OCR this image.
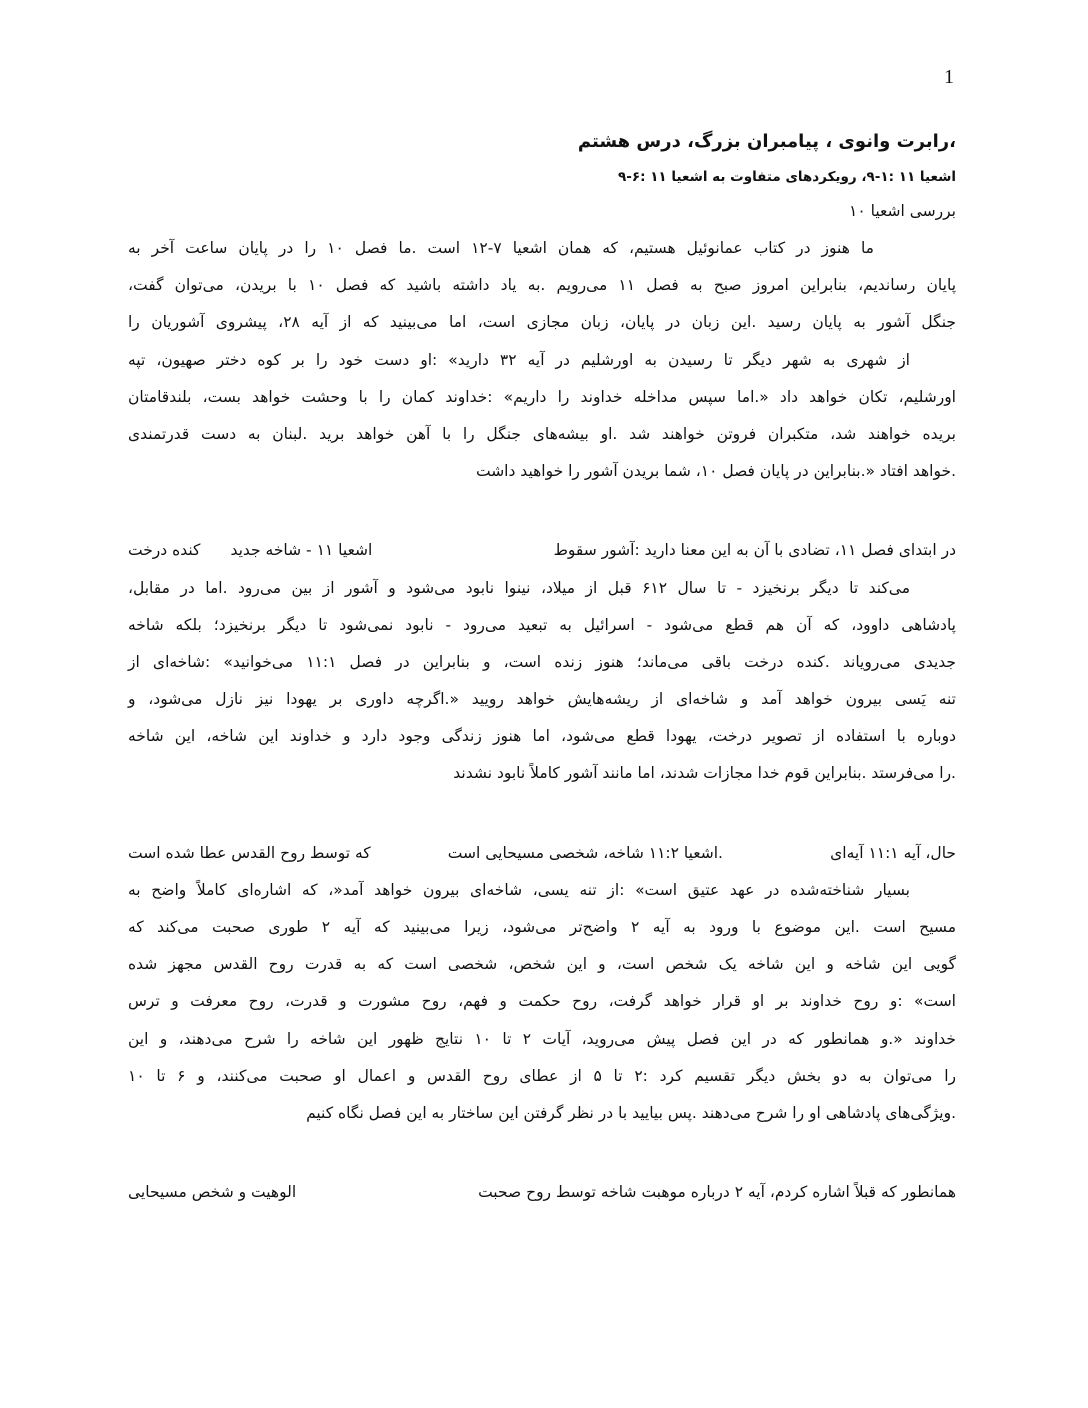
1

،رابرت وانوی ، پیامبران بزرگ، درس هشتم

اشعیا ۱۱ :۱-۹، رویکردهای متفاوت به اشعیا ۱۱ :۶-۹

بررسی اشعیا ۱۰

ما هنوز در کتاب عمانوئیل هستیم، که همان اشعیا ۷-۱۲ است .ما فصل ۱۰ را در پایان ساعت آخر به
پایان رساندیم، بنابراین امروز صبح به فصل ۱۱ می‌رویم .به یاد داشته باشید که فصل ۱۰ با بریدن، می‌توان گفت،
جنگل آشور به پایان رسید .این زبان در پایان، زبان مجازی است، اما می‌بینید که از آیه ۲۸، پیشروی آشوریان را
از شهری به شهر دیگر تا رسیدن به اورشلیم در آیه ۳۲ دارید» :او دست خود را بر کوه دختر صهیون، تپه
اورشلیم، تکان خواهد داد «.اما سپس مداخله خداوند را داریم» :خداوند کمان را با وحشت خواهد بست، بلندقامتان
بریده خواهند شد، متکبران فروتن خواهند شد .او بیشه‌های جنگل را با آهن خواهد برید .لبنان به دست قدرتمندی
.خواهد افتاد «.بنابراین در پایان فصل ۱۰، شما بریدن آشور را خواهید داشت
در ابتدای فصل ۱۱، تضادی با آن به این معنا دارید :آشور سقوط
اشعیا ۱۱ - شاخه جدید
کنده درخت
می‌کند تا دیگر برنخیزد - تا سال ۶۱۲ قبل از میلاد، نینوا نابود می‌شود و آشور از بین می‌رود .اما در مقابل،
پادشاهی داوود، که آن هم قطع می‌شود - اسرائیل به تبعید می‌رود - نابود نمی‌شود تا دیگر برنخیزد؛ بلکه شاخه
جدیدی می‌رویاند .کنده درخت باقی می‌ماند؛ هنوز زنده است، و بنابراین در فصل ۱۱:۱ می‌خوانید» :شاخه‌ای از
تنه یَسی بیرون خواهد آمد و شاخه‌ای از ریشه‌هایش خواهد رویید «.اگرچه داوری بر یهودا نیز نازل می‌شود، و
دوباره با استفاده از تصویر درخت، یهودا قطع می‌شود، اما هنوز زندگی وجود دارد و خداوند این شاخه، این شاخه
.را می‌فرستد .بنابراین قوم خدا مجازات شدند، اما مانند آشور کاملاً نابود نشدند
حال، آیه ۱۱:۱ آیه‌ای
.اشعیا ۱۱:۲ شاخه، شخصی مسیحایی است
که توسط روح القدس عطا شده است
بسیار شناخته‌شده در عهد عتیق است» :از تنه یسی، شاخه‌ای بیرون خواهد آمد«، که اشاره‌ای کاملاً واضح به
مسیح است .این موضوع با ورود به آیه ۲ واضح‌تر می‌شود، زیرا می‌بینید که آیه ۲ طوری صحبت می‌کند که
گویی این شاخه و این شاخه یک شخص است، و این شخص، شخصی است که به قدرت روح القدس مجهز شده
است» :و روح خداوند بر او قرار خواهد گرفت، روح حکمت و فهم، روح مشورت و قدرت، روح معرفت و ترس
خداوند «.و همانطور که در این فصل پیش می‌روید، آیات ۲ تا ۱۰ نتایج ظهور این شاخه را شرح می‌دهند، و این
را می‌توان به دو بخش دیگر تقسیم کرد :۲ تا ۵ از عطای روح القدس و اعمال او صحبت می‌کنند، و ۶ تا ۱۰
.ویژگی‌های پادشاهی او را شرح می‌دهند .پس بیایید با در نظر گرفتن این ساختار به این فصل نگاه کنیم
همانطور که قبلاً اشاره کردم، آیه ۲ درباره موهبت شاخه توسط روح صحبت
الوهیت و شخص مسیحایی
